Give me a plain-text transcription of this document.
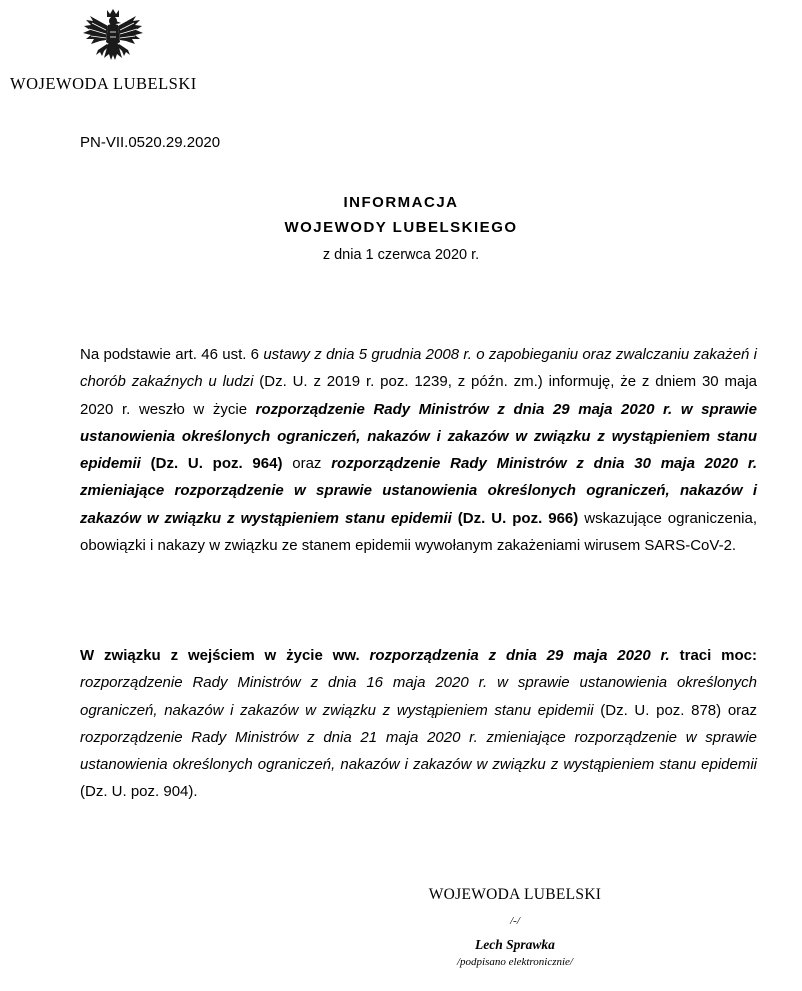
WOJEWODA LUBELSKI
PN-VII.0520.29.2020
INFORMACJA
WOJEWODY LUBELSKIEGO
z dnia 1 czerwca 2020 r.
Na podstawie art. 46 ust. 6 ustawy z dnia 5 grudnia 2008 r. o zapobieganiu oraz zwalczaniu zakażeń i chorób zakaźnych u ludzi (Dz. U. z 2019 r. poz. 1239, z późn. zm.) informuję, że z dniem 30 maja 2020 r. weszło w życie rozporządzenie Rady Ministrów z dnia 29 maja 2020 r. w sprawie ustanowienia określonych ograniczeń, nakazów i zakazów w związku z wystąpieniem stanu epidemii (Dz. U. poz. 964) oraz rozporządzenie Rady Ministrów z dnia 30 maja 2020 r. zmieniające rozporządzenie w sprawie ustanowienia określonych ograniczeń, nakazów i zakazów w związku z wystąpieniem stanu epidemii (Dz. U. poz. 966) wskazujące ograniczenia, obowiązki i nakazy w związku ze stanem epidemii wywołanym zakażeniami wirusem SARS-CoV-2.
W związku z wejściem w życie ww. rozporządzenia z dnia 29 maja 2020 r. traci moc: rozporządzenie Rady Ministrów z dnia 16 maja 2020 r. w sprawie ustanowienia określonych ograniczeń, nakazów i zakazów w związku z wystąpieniem stanu epidemii (Dz. U. poz. 878) oraz rozporządzenie Rady Ministrów z dnia 21 maja 2020 r. zmieniające rozporządzenie w sprawie ustanowienia określonych ograniczeń, nakazów i zakazów w związku z wystąpieniem stanu epidemii (Dz. U. poz. 904).
WOJEWODA LUBELSKI
/-/
Lech Sprawka
/podpisano elektronicznie/
